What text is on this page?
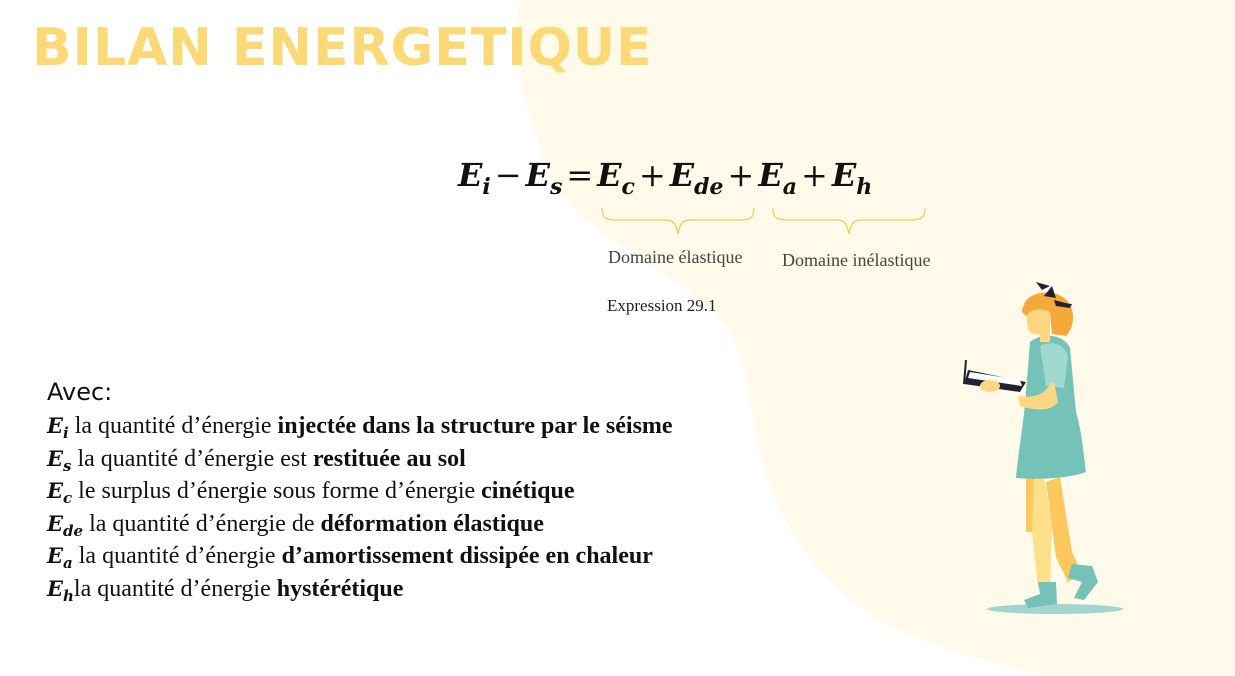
BILAN ENERGETIQUE
$E_i - E_s = E_c + E_{de} + E_a + E_h$
Domaine élastique Domaine inélastique
Expression 29.1
Avec:
$E_i$ la quantité d’énergie injectée dans la structure par le séisme
$E_s$ la quantité d’énergie est restituée au sol
$E_c$ le surplus d’énergie sous forme d’énergie cinétique
$E_{de}$ la quantité d’énergie de déformation élastique
$E_a$ la quantité d’énergie d’amortissement dissipée en chaleur
$E_hla$ quantité d’énergie hystérétique
